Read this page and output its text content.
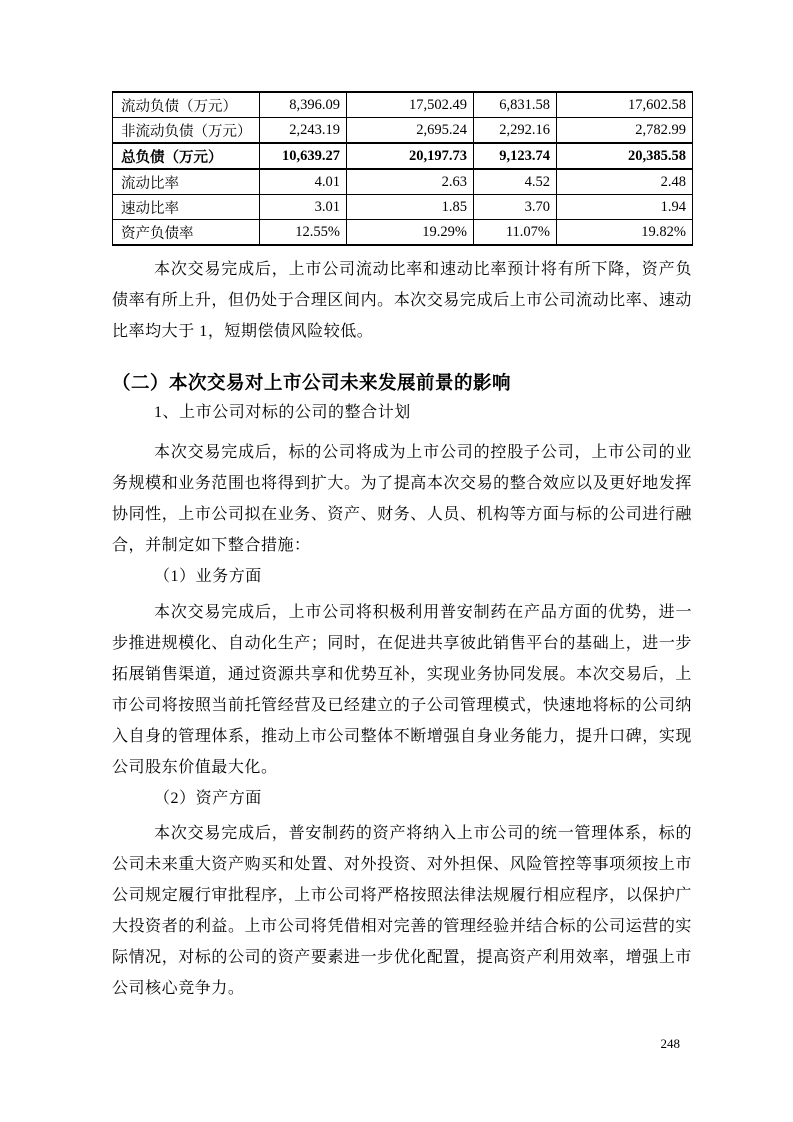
流动负债（万元）	8,396.09	17,502.49	6,831.58	17,602.58
非流动负债（万元）	2,243.19	2,695.24	2,292.16	2,782.99
总负债（万元）	10,639.27	20,197.73	9,123.74	20,385.58
流动比率	4.01	2.63	4.52	2.48
速动比率	3.01	1.85	3.70	1.94
资产负债率	12.55%	19.29%	11.07%	19.82%

本次交易完成后，上市公司流动比率和速动比率预计将有所下降，资产负债率有所上升，但仍处于合理区间内。本次交易完成后上市公司流动比率、速动比率均大于 1，短期偿债风险较低。

（二）本次交易对上市公司未来发展前景的影响

1、上市公司对标的公司的整合计划

本次交易完成后，标的公司将成为上市公司的控股子公司，上市公司的业务规模和业务范围也将得到扩大。为了提高本次交易的整合效应以及更好地发挥协同性，上市公司拟在业务、资产、财务、人员、机构等方面与标的公司进行融合，并制定如下整合措施：

（1）业务方面

本次交易完成后，上市公司将积极利用普安制药在产品方面的优势，进一步推进规模化、自动化生产；同时，在促进共享彼此销售平台的基础上，进一步拓展销售渠道，通过资源共享和优势互补，实现业务协同发展。本次交易后，上市公司将按照当前托管经营及已经建立的子公司管理模式，快速地将标的公司纳入自身的管理体系，推动上市公司整体不断增强自身业务能力，提升口碑，实现公司股东价值最大化。

（2）资产方面

本次交易完成后，普安制药的资产将纳入上市公司的统一管理体系，标的公司未来重大资产购买和处置、对外投资、对外担保、风险管控等事项须按上市公司规定履行审批程序，上市公司将严格按照法律法规履行相应程序，以保护广大投资者的利益。上市公司将凭借相对完善的管理经验并结合标的公司运营的实际情况，对标的公司的资产要素进一步优化配置，提高资产利用效率，增强上市公司核心竞争力。

248
